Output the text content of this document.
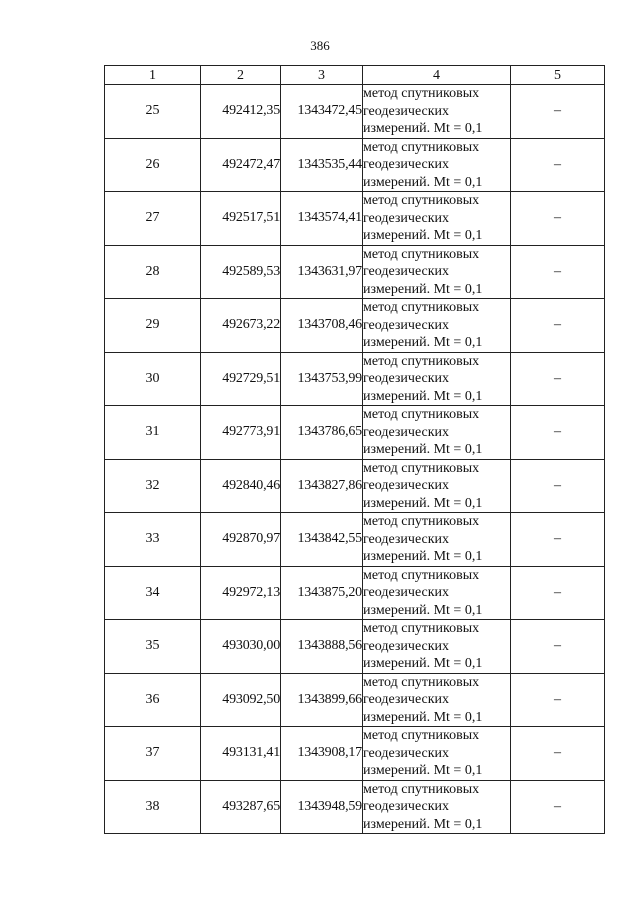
386
1	2	3	4	5
25	492412,35	1343472,45	метод спутниковых
геодезических
измерений. Mt = 0,1	–
26	492472,47	1343535,44	метод спутниковых
геодезических
измерений. Mt = 0,1	–
27	492517,51	1343574,41	метод спутниковых
геодезических
измерений. Mt = 0,1	–
28	492589,53	1343631,97	метод спутниковых
геодезических
измерений. Mt = 0,1	–
29	492673,22	1343708,46	метод спутниковых
геодезических
измерений. Mt = 0,1	–
30	492729,51	1343753,99	метод спутниковых
геодезических
измерений. Mt = 0,1	–
31	492773,91	1343786,65	метод спутниковых
геодезических
измерений. Mt = 0,1	–
32	492840,46	1343827,86	метод спутниковых
геодезических
измерений. Mt = 0,1	–
33	492870,97	1343842,55	метод спутниковых
геодезических
измерений. Mt = 0,1	–
34	492972,13	1343875,20	метод спутниковых
геодезических
измерений. Mt = 0,1	–
35	493030,00	1343888,56	метод спутниковых
геодезических
измерений. Mt = 0,1	–
36	493092,50	1343899,66	метод спутниковых
геодезических
измерений. Mt = 0,1	–
37	493131,41	1343908,17	метод спутниковых
геодезических
измерений. Mt = 0,1	–
38	493287,65	1343948,59	метод спутниковых
геодезических
измерений. Mt = 0,1	–
